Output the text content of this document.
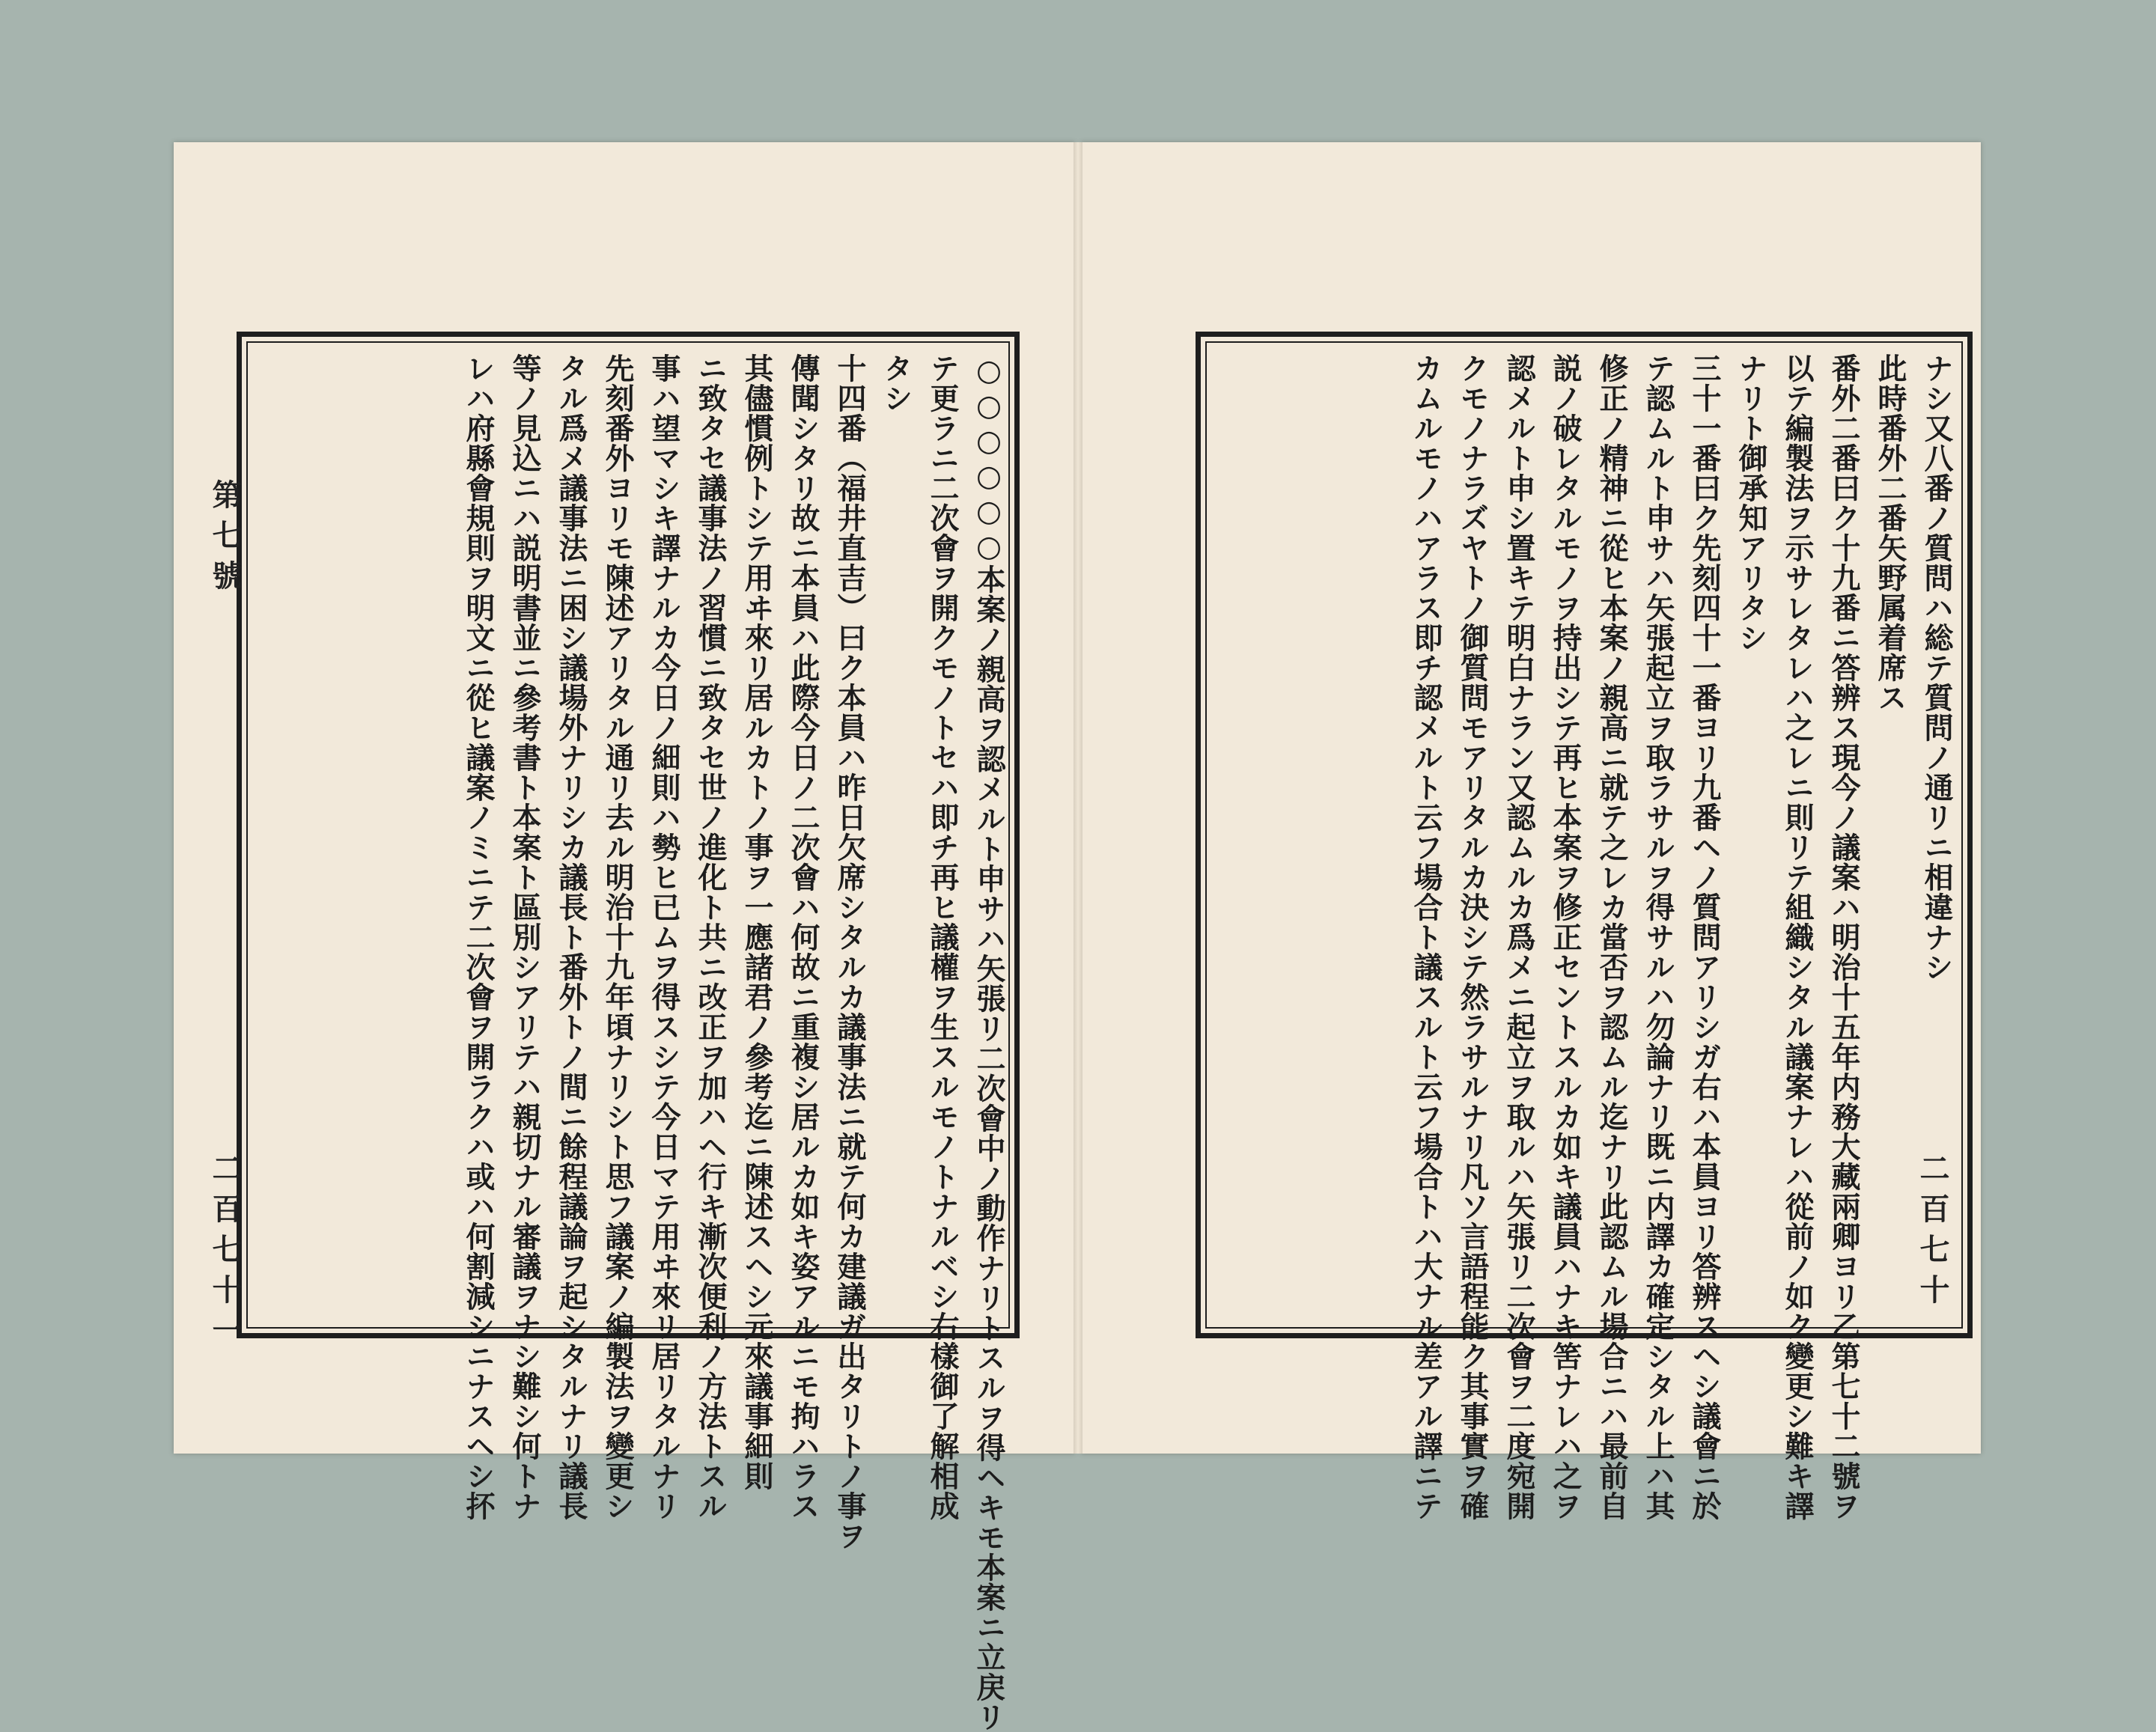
○○○○○○本案ノ親高ヲ認メルト申サハ矢張リ二次會中ノ動作ナリトスルヲ得ヘキモ本案ニ立戻リ

テ更ラニ二次會ヲ開クモノトセハ即チ再ヒ議權ヲ生スルモノトナルベシ右樣御了解相成

タシ

十四番（福井直吉）曰ク本員ハ昨日欠席シタルカ議事法ニ就テ何カ建議ガ出タリトノ事ヲ

傳聞シタリ故ニ本員ハ此際今日ノ二次會ハ何故ニ重複シ居ルカ如キ姿アルニモ拘ハラス

其儘慣例トシテ用ヰ來リ居ルカトノ事ヲ一應諸君ノ參考迄ニ陳述スヘシ元來議事細則

ニ致タセ議事法ノ習慣ニ致タセ世ノ進化ト共ニ改正ヲ加ハヘ行キ漸次便利ノ方法トスル

事ハ望マシキ譯ナルカ今日ノ細則ハ勢ヒ已ムヲ得スシテ今日マテ用ヰ來リ居リタルナリ

先刻番外ヨリモ陳述アリタル通リ去ル明治十九年頃ナリシト思フ議案ノ編製法ヲ變更シ

タル爲メ議事法ニ困シ議場外ナリシカ議長ト番外トノ間ニ餘程議論ヲ起シタルナリ議長

等ノ見込ニハ説明書並ニ參考書ト本案ト區別シアリテハ親切ナル審議ヲナシ難シ何トナ

レハ府縣會規則ヲ明文ニ從ヒ議案ノミニテ二次會ヲ開ラクハ或ハ何割減シニナスヘシ抔	ナシ又八番ノ質問ハ総テ質問ノ通リニ相違ナシ

此時番外二番矢野属着席ス

番外二番曰ク十九番ニ答辨ス現今ノ議案ハ明治十五年内務大藏兩卿ヨリ乙第七十二號ヲ

以テ編製法ヲ示サレタレハ之レニ則リテ組織シタル議案ナレハ從前ノ如ク變更シ難キ譯

ナリト御承知アリタシ

三十一番曰ク先刻四十一番ヨリ九番ヘノ質問アリシガ右ハ本員ヨリ答辨スヘシ議會ニ於

テ認ムルト申サハ矢張起立ヲ取ラサルヲ得サルハ勿論ナリ既ニ内譯カ確定シタル上ハ其

修正ノ精神ニ從ヒ本案ノ親高ニ就テ之レカ當否ヲ認ムル迄ナリ此認ムル場合ニハ最前自

説ノ破レタルモノヲ持出シテ再ヒ本案ヲ修正セントスルカ如キ議員ハナキ筈ナレハ之ヲ

認メルト申シ置キテ明白ナラン又認ムルカ爲メニ起立ヲ取ルハ矢張リ二次會ヲ二度宛開

クモノナラズヤトノ御質問モアリタルカ決シテ然ラサルナリ凡ソ言語程能ク其事實ヲ確

カムルモノハアラス即チ認メルト云フ場合ト議スルト云フ場合トハ大ナル差アル譯ニテ

第七號
二百七十一	二百七十
